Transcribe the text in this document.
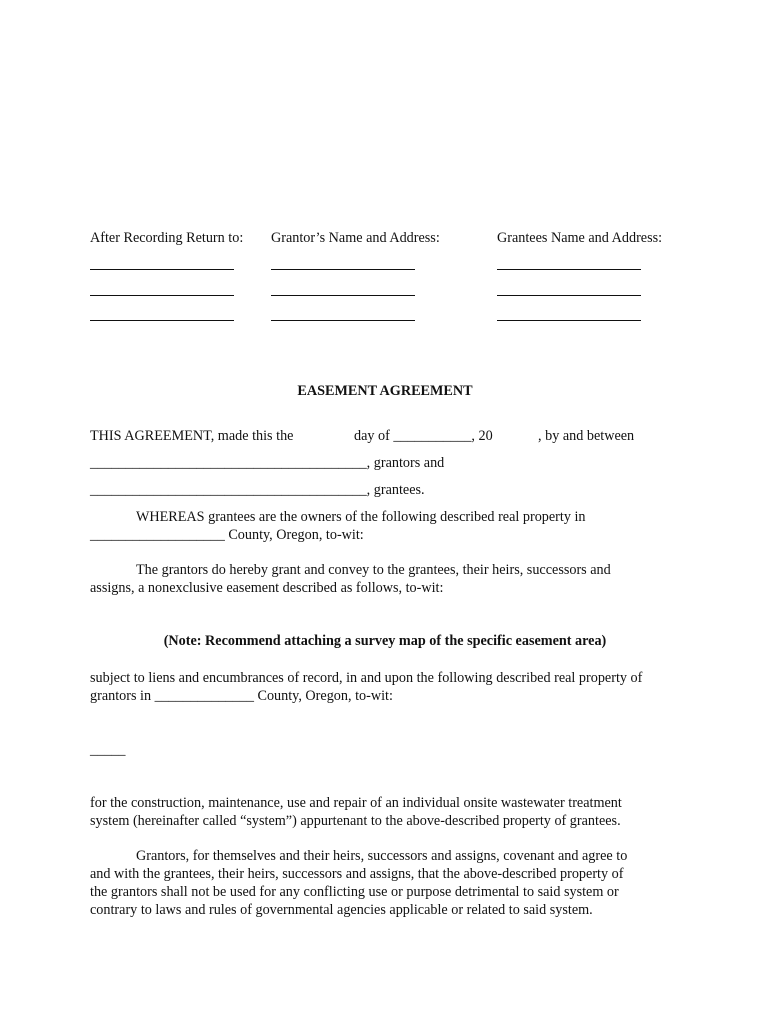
After Recording Return to: Grantor’s Name and Address:	Grantees Name and Address:
EASEMENT AGREEMENT
THIS AGREEMENT, made this the	day of ___________, 20	, by and between
_______________________________________, grantors and
_______________________________________, grantees.
WHEREAS grantees are the owners of the following described real property in
___________________ County, Oregon, to-wit:
The grantors do hereby grant and convey to the grantees, their heirs, successors and
assigns, a nonexclusive easement described as follows, to-wit:
(Note: Recommend attaching a survey map of the specific easement area)
subject to liens and encumbrances of record, in and upon the following described real property of
grantors in ______________ County, Oregon, to-wit:
_____
for the construction, maintenance, use and repair of an individual onsite wastewater treatment
system (hereinafter called “system”) appurtenant to the above-described property of grantees.
Grantors, for themselves and their heirs, successors and assigns, covenant and agree to
and with the grantees, their heirs, successors and assigns, that the above-described property of
the grantors shall not be used for any conflicting use or purpose detrimental to said system or
contrary to laws and rules of governmental agencies applicable or related to said system.
